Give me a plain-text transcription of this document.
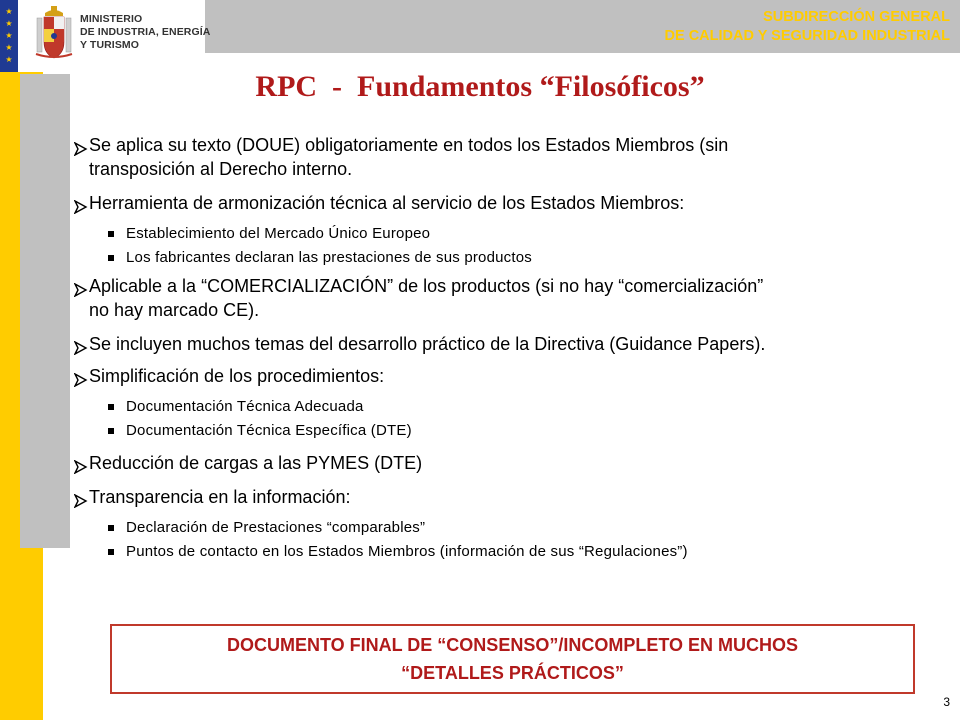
★
★
★
★
★
MINISTERIO
DE INDUSTRIA, ENERGÍA
Y TURISMO
SUBDIRECCIÓN GENERAL
DE CALIDAD Y SEGURIDAD INDUSTRIAL
RPC  -  Fundamentos “Filosóficos”
Se aplica su texto (DOUE) obligatoriamente en todos los Estados Miembros (sin
transposición al Derecho interno.
Herramienta de armonización técnica al servicio de los Estados Miembros:
Establecimiento del Mercado Único Europeo
Los fabricantes declaran las prestaciones de sus productos
Aplicable a la “COMERCIALIZACIÓN” de los productos (si no hay “comercialización”
no hay marcado CE).
Se incluyen muchos temas del desarrollo práctico de la Directiva (Guidance Papers).
Simplificación de los procedimientos:
Documentación Técnica Adecuada
Documentación Técnica Específica (DTE)
Reducción de cargas a las PYMES (DTE)
Transparencia en la información:
Declaración de Prestaciones “comparables”
Puntos de contacto en los Estados Miembros (información de sus “Regulaciones”)
DOCUMENTO FINAL DE “CONSENSO”/INCOMPLETO EN MUCHOS
“DETALLES PRÁCTICOS”
3
